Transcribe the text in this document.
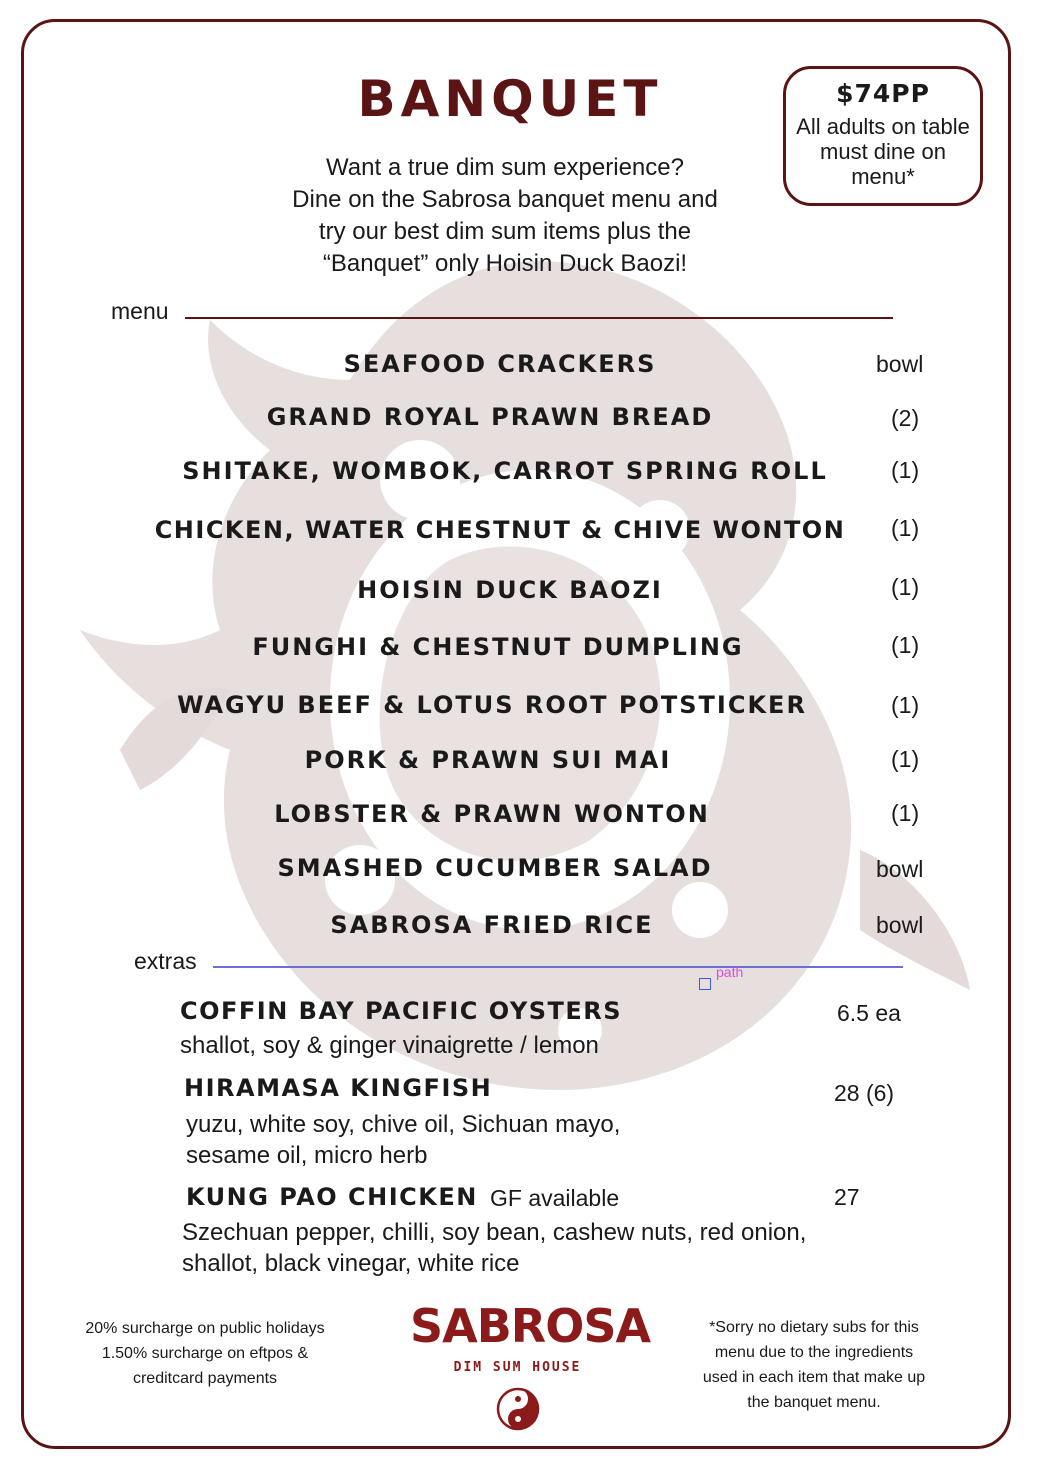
BANQUET	$74PP
All adults on table must dine on menu*
Want a true dim sum experience?
Dine on the Sabrosa banquet menu and
try our best dim sum items plus the
“Banquet” only Hoisin Duck Baozi!
menu
SEAFOOD CRACKERS	bowl
GRAND ROYAL PRAWN BREAD	(2)
SHITAKE, WOMBOK, CARROT SPRING ROLL	(1)
CHICKEN, WATER CHESTNUT & CHIVE WONTON	(1)
HOISIN DUCK BAOZI	(1)
FUNGHI & CHESTNUT DUMPLING	(1)
WAGYU BEEF & LOTUS ROOT POTSTICKER	(1)
PORK & PRAWN SUI MAI	(1)
LOBSTER & PRAWN WONTON	(1)
SMASHED CUCUMBER SALAD	bowl
SABROSA FRIED RICE	bowl
extras	path
COFFIN BAY PACIFIC OYSTERS	6.5 ea
shallot, soy & ginger vinaigrette / lemon
HIRAMASA KINGFISH	28 (6)
yuzu, white soy, chive oil, Sichuan mayo,
sesame oil, micro herb
KUNG PAO CHICKEN GF available	27
Szechuan pepper, chilli, soy bean, cashew nuts, red onion,
shallot, black vinegar, white rice
20% surcharge on public holidays
1.50% surcharge on eftpos &
creditcard payments
SABROSA
DIM SUM HOUSE
*Sorry no dietary subs for this
menu due to the ingredients
used in each item that make up
the banquet menu.
